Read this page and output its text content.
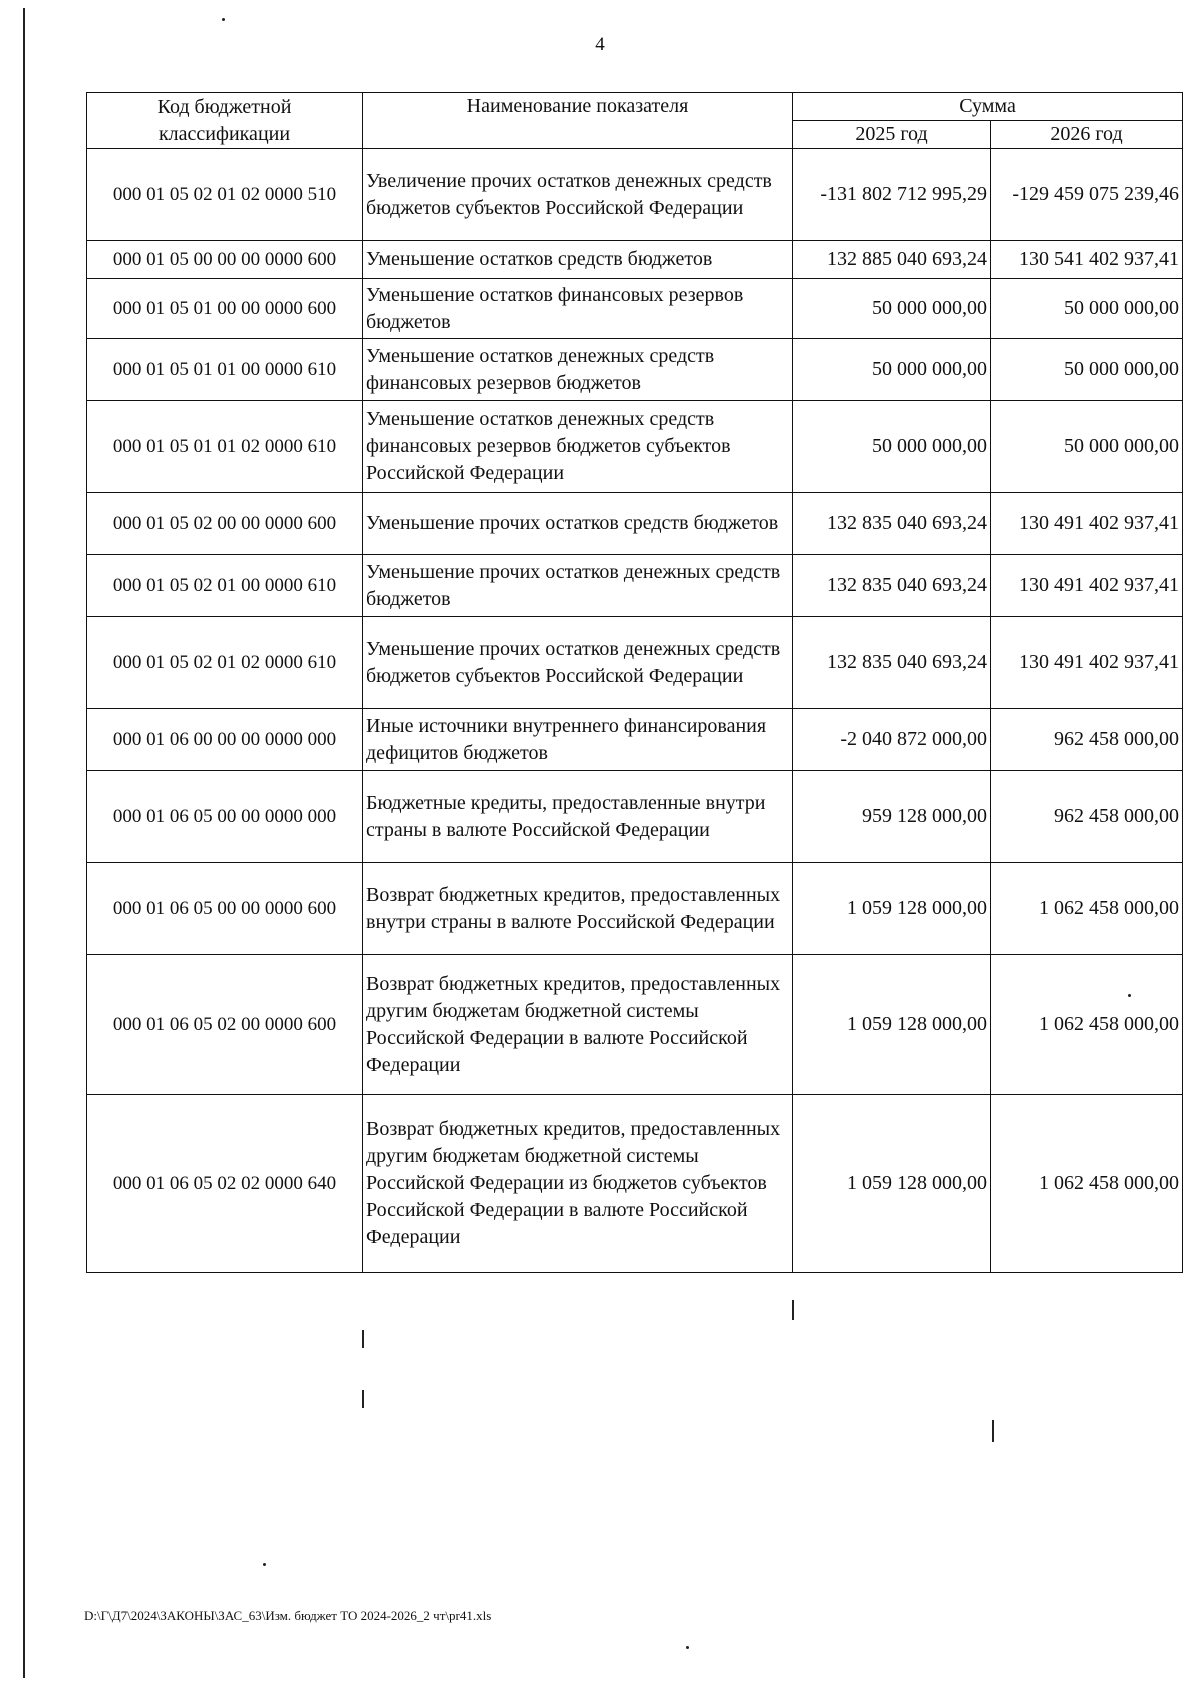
4
Код бюджетной классификации	Наименование показателя	Сумма	
		2025 год	2026 год
000 01 05 02 01 02 0000 510	Увеличение прочих остатков денежных средств бюджетов субъектов Российской Федерации	-131 802 712 995,29	-129 459 075 239,46
000 01 05 00 00 00 0000 600	Уменьшение остатков средств бюджетов	132 885 040 693,24	130 541 402 937,41
000 01 05 01 00 00 0000 600	Уменьшение остатков финансовых резервов бюджетов	50 000 000,00	50 000 000,00
000 01 05 01 01 00 0000 610	Уменьшение остатков денежных средств финансовых резервов бюджетов	50 000 000,00	50 000 000,00
000 01 05 01 01 02 0000 610	Уменьшение остатков денежных средств финансовых резервов бюджетов субъектов Российской Федерации	50 000 000,00	50 000 000,00
000 01 05 02 00 00 0000 600	Уменьшение прочих остатков средств бюджетов	132 835 040 693,24	130 491 402 937,41
000 01 05 02 01 00 0000 610	Уменьшение прочих остатков денежных средств бюджетов	132 835 040 693,24	130 491 402 937,41
000 01 05 02 01 02 0000 610	Уменьшение прочих остатков денежных средств бюджетов субъектов Российской Федерации	132 835 040 693,24	130 491 402 937,41
000 01 06 00 00 00 0000 000	Иные источники внутреннего финансирования дефицитов бюджетов	-2 040 872 000,00	962 458 000,00
000 01 06 05 00 00 0000 000	Бюджетные кредиты, предоставленные внутри страны в валюте Российской Федерации	959 128 000,00	962 458 000,00
000 01 06 05 00 00 0000 600	Возврат бюджетных кредитов, предоставленных внутри страны в валюте Российской Федерации	1 059 128 000,00	1 062 458 000,00
000 01 06 05 02 00 0000 600	Возврат бюджетных кредитов, предоставленных другим бюджетам бюджетной системы Российской Федерации в валюте Российской Федерации	1 059 128 000,00	1 062 458 000,00
000 01 06 05 02 02 0000 640	Возврат бюджетных кредитов, предоставленных другим бюджетам бюджетной системы Российской Федерации из бюджетов субъектов Российской Федерации в валюте Российской Федерации	1 059 128 000,00	1 062 458 000,00
D:\Г\Д7\2024\ЗАКОНЫ\ЗАС_63\Изм. бюджет ТО 2024-2026_2 чт\pr41.xls
